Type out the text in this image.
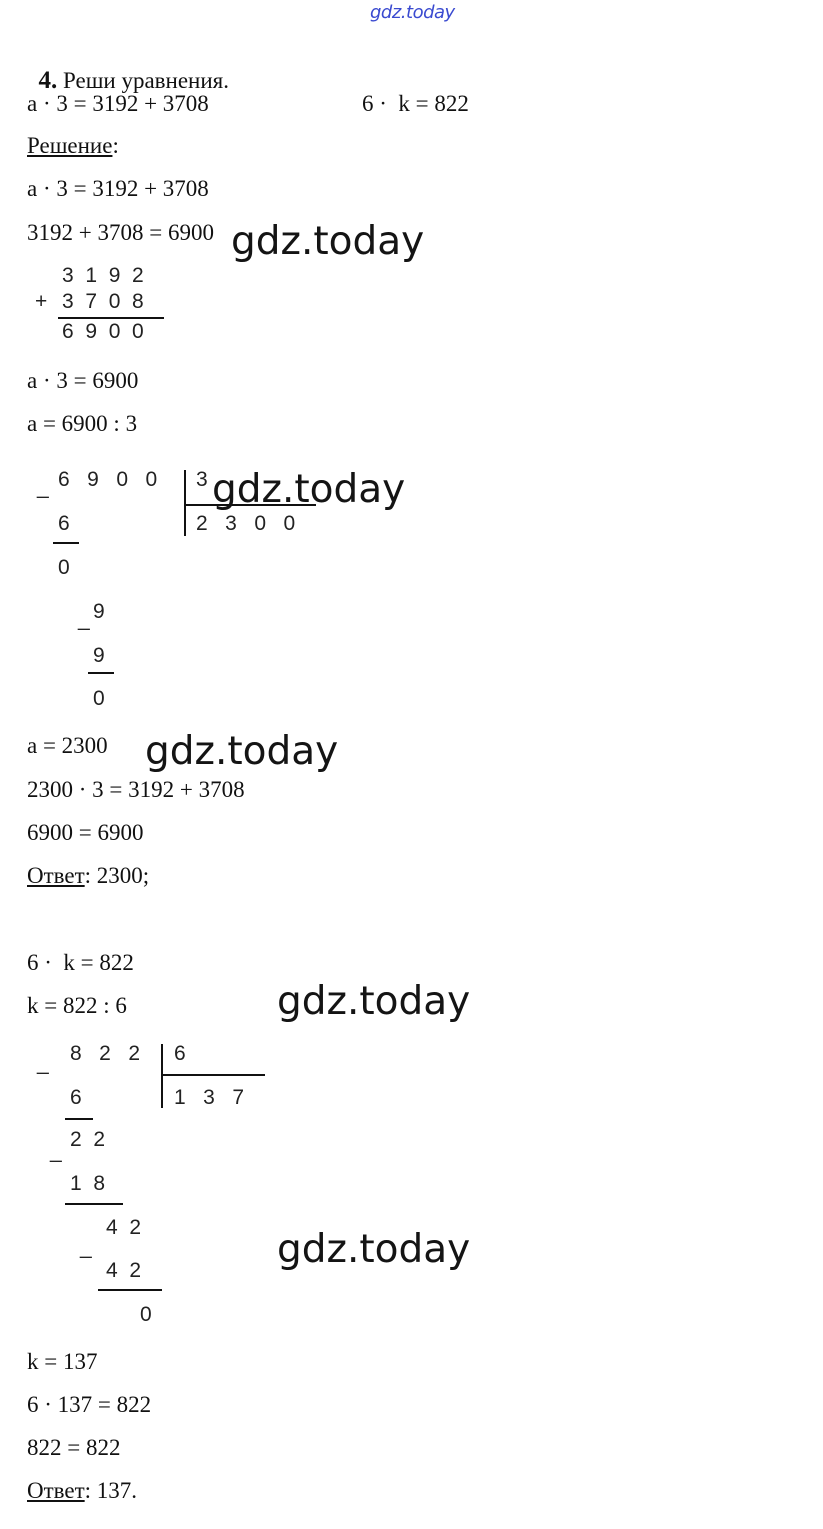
gdz.today

4. Реши уравнения.

a · 3 = 3192 + 3708	6 ·  k = 822
Решение:
a · 3 = 3192 + 3708
3192 + 3708 = 6900 gdz.today
3  1  9  2
+ 3  7  0  8
6  9  0  0
a · 3 = 6900
a = 6900 : 3
_ 6   9   0   0 3
2   3   0   0
gdz.today
6
0
_ 9
9
0
a = 2300 gdz.today
2300 · 3 = 3192 + 3708
6900 = 6900
Ответ: 2300;
6 ·  k = 822
k = 822 : 6	gdz.today
_ 8   2   2 6
1   3   7
6
_
2  2
1  8
_
4  2
4  2
0
gdz.today
k = 137
6 · 137 = 822
822 = 822
Ответ: 137.
